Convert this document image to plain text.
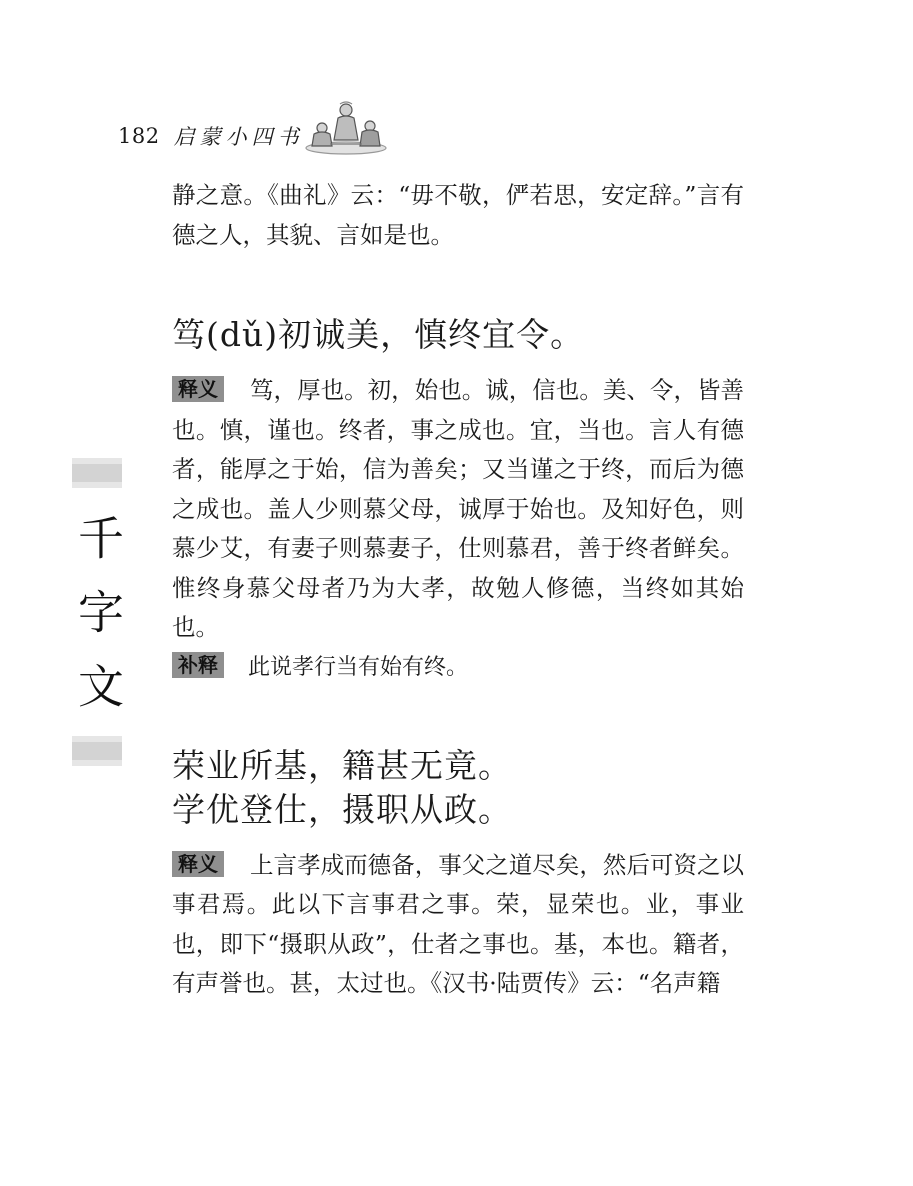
182 启蒙小四书
千字文

静之意。《曲礼》云：“毋不敬，俨若思，安定辞。”言有德之人，其貌、言如是也。

笃(dǔ)初诚美，慎终宜令。

释义 笃，厚也。初，始也。诚，信也。美、令，皆善也。慎，谨也。终者，事之成也。宜，当也。言人有德者，能厚之于始，信为善矣；又当谨之于终，而后为德之成也。盖人少则慕父母，诚厚于始也。及知好色，则慕少艾，有妻子则慕妻子，仕则慕君，善于终者鲜矣。惟终身慕父母者乃为大孝，故勉人修德，当终如其始也。
补释 此说孝行当有始有终。

荣业所基，籍甚无竟。

学优登仕，摄职从政。

释义 上言孝成而德备，事父之道尽矣，然后可资之以事君焉。此以下言事君之事。荣，显荣也。业，事业也，即下“摄职从政”，仕者之事也。基，本也。籍者，有声誉也。甚，太过也。《汉书·陆贾传》云：“名声籍
